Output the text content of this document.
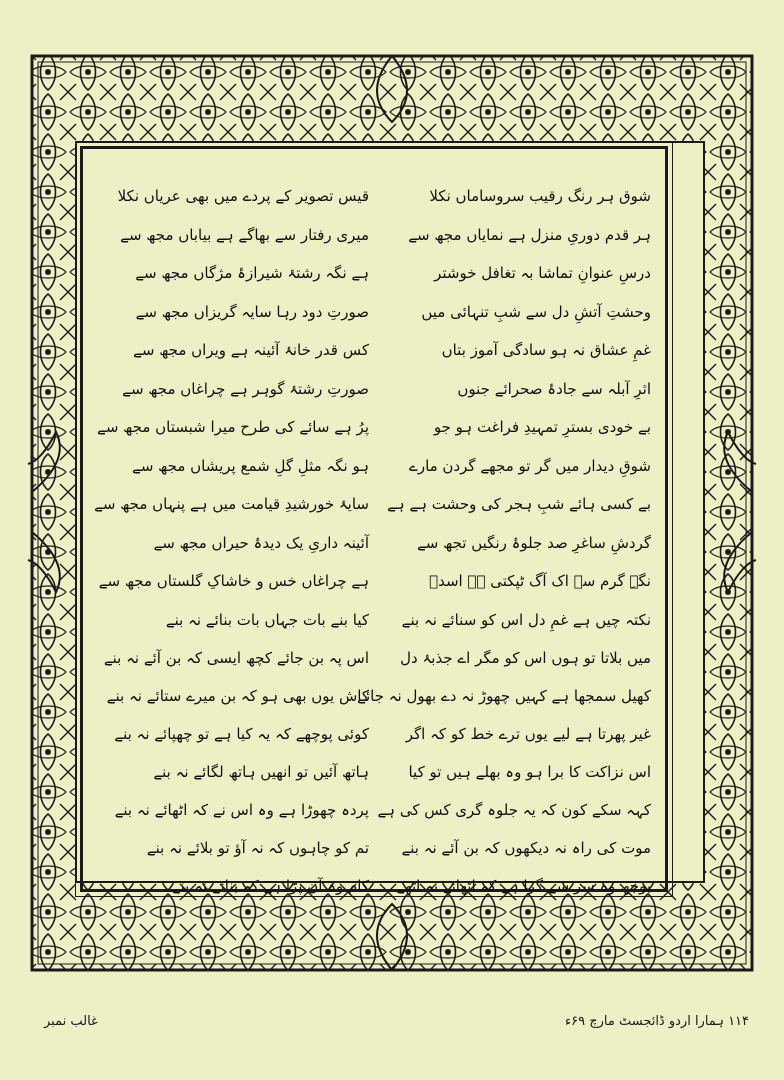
شوق ہر رنگ رقیب سروساماں نکلا
ہر قدم دوریِ منزل ہے نمایاں مجھ سے
درسِ عنوانِ تماشا بہ تغافل خوشتر
وحشتِ آتشِ دل سے شبِ تنہائی میں
غمِ عشاق نہ ہو سادگی آموز بتاں
اثرِ آبلہ سے جادۂ صحرائے جنوں
بے خودی بسترِ تمہیدِ فراغت ہو جو
شوقِ دیدار میں گر تو مجھے گردن مارے
بے کسی ہائے شبِ ہجر کی وحشت ہے ہے
گردشِ ساغرِ صد جلوۂ رنگیں تجھ سے
نگہِ گرم سے اک آگ ٹپکتی ہے اسدؔ
نکتہ چیں ہے غمِ دل اس کو سنائے نہ بنے
میں بلاتا تو ہوں اس کو مگر اے جذبۂ دل
کھیل سمجھا ہے کہیں چھوڑ نہ دے بھول نہ جائے
غیر پھرتا ہے لیے یوں ترے خط کو کہ اگر
اس نزاکت کا برا ہو وہ بھلے ہیں تو کیا
کہہ سکے کون کہ یہ جلوہ گری کس کی ہے
موت کی راہ نہ دیکھوں کہ بن آئے نہ بنے
بوجھ وہ سر سے گرا ہے کہ اٹھائے نہ اٹھے
قیس تصویر کے پردے میں بھی عریاں نکلا
میری رفتار سے بھاگے ہے بیاباں مجھ سے
ہے نگہ رشتۂ شیرازۂ مژگاں مجھ سے
صورتِ دود رہا سایہ گریزاں مجھ سے
کس قدر خانۂ آئینہ ہے ویراں مجھ سے
صورتِ رشتۂ گوہر ہے چراغاں مجھ سے
پرُ ہے سائے کی طرح میرا شبستاں مجھ سے
ہو نگہ مثلِ گلِ شمع پریشاں مجھ سے
سایۂ خورشیدِ قیامت میں ہے پنہاں مجھ سے
آئینہ داریِ یک دیدۂ حیراں مجھ سے
ہے چراغاں خس و خاشاکِ گلستاں مجھ سے
کیا بنے بات جہاں بات بنائے نہ بنے
اس پہ بن جائے کچھ ایسی کہ بن آئے نہ بنے
کاش یوں بھی ہو کہ بن میرے ستائے نہ بنے
کوئی پوچھے کہ یہ کیا ہے تو چھپائے نہ بنے
ہاتھ آئیں تو انھیں ہاتھ لگائے نہ بنے
پردہ چھوڑا ہے وہ اس نے کہ اٹھائے نہ بنے
تم کو چاہوں کہ نہ آؤ تو بلائے نہ بنے
کام وہ آن پڑا ہے کہ بنائے نہ بنے
غالب نمبر	۱۱۴ ہمارا اردو ڈائجسٹ مارچ ۶۹ء
